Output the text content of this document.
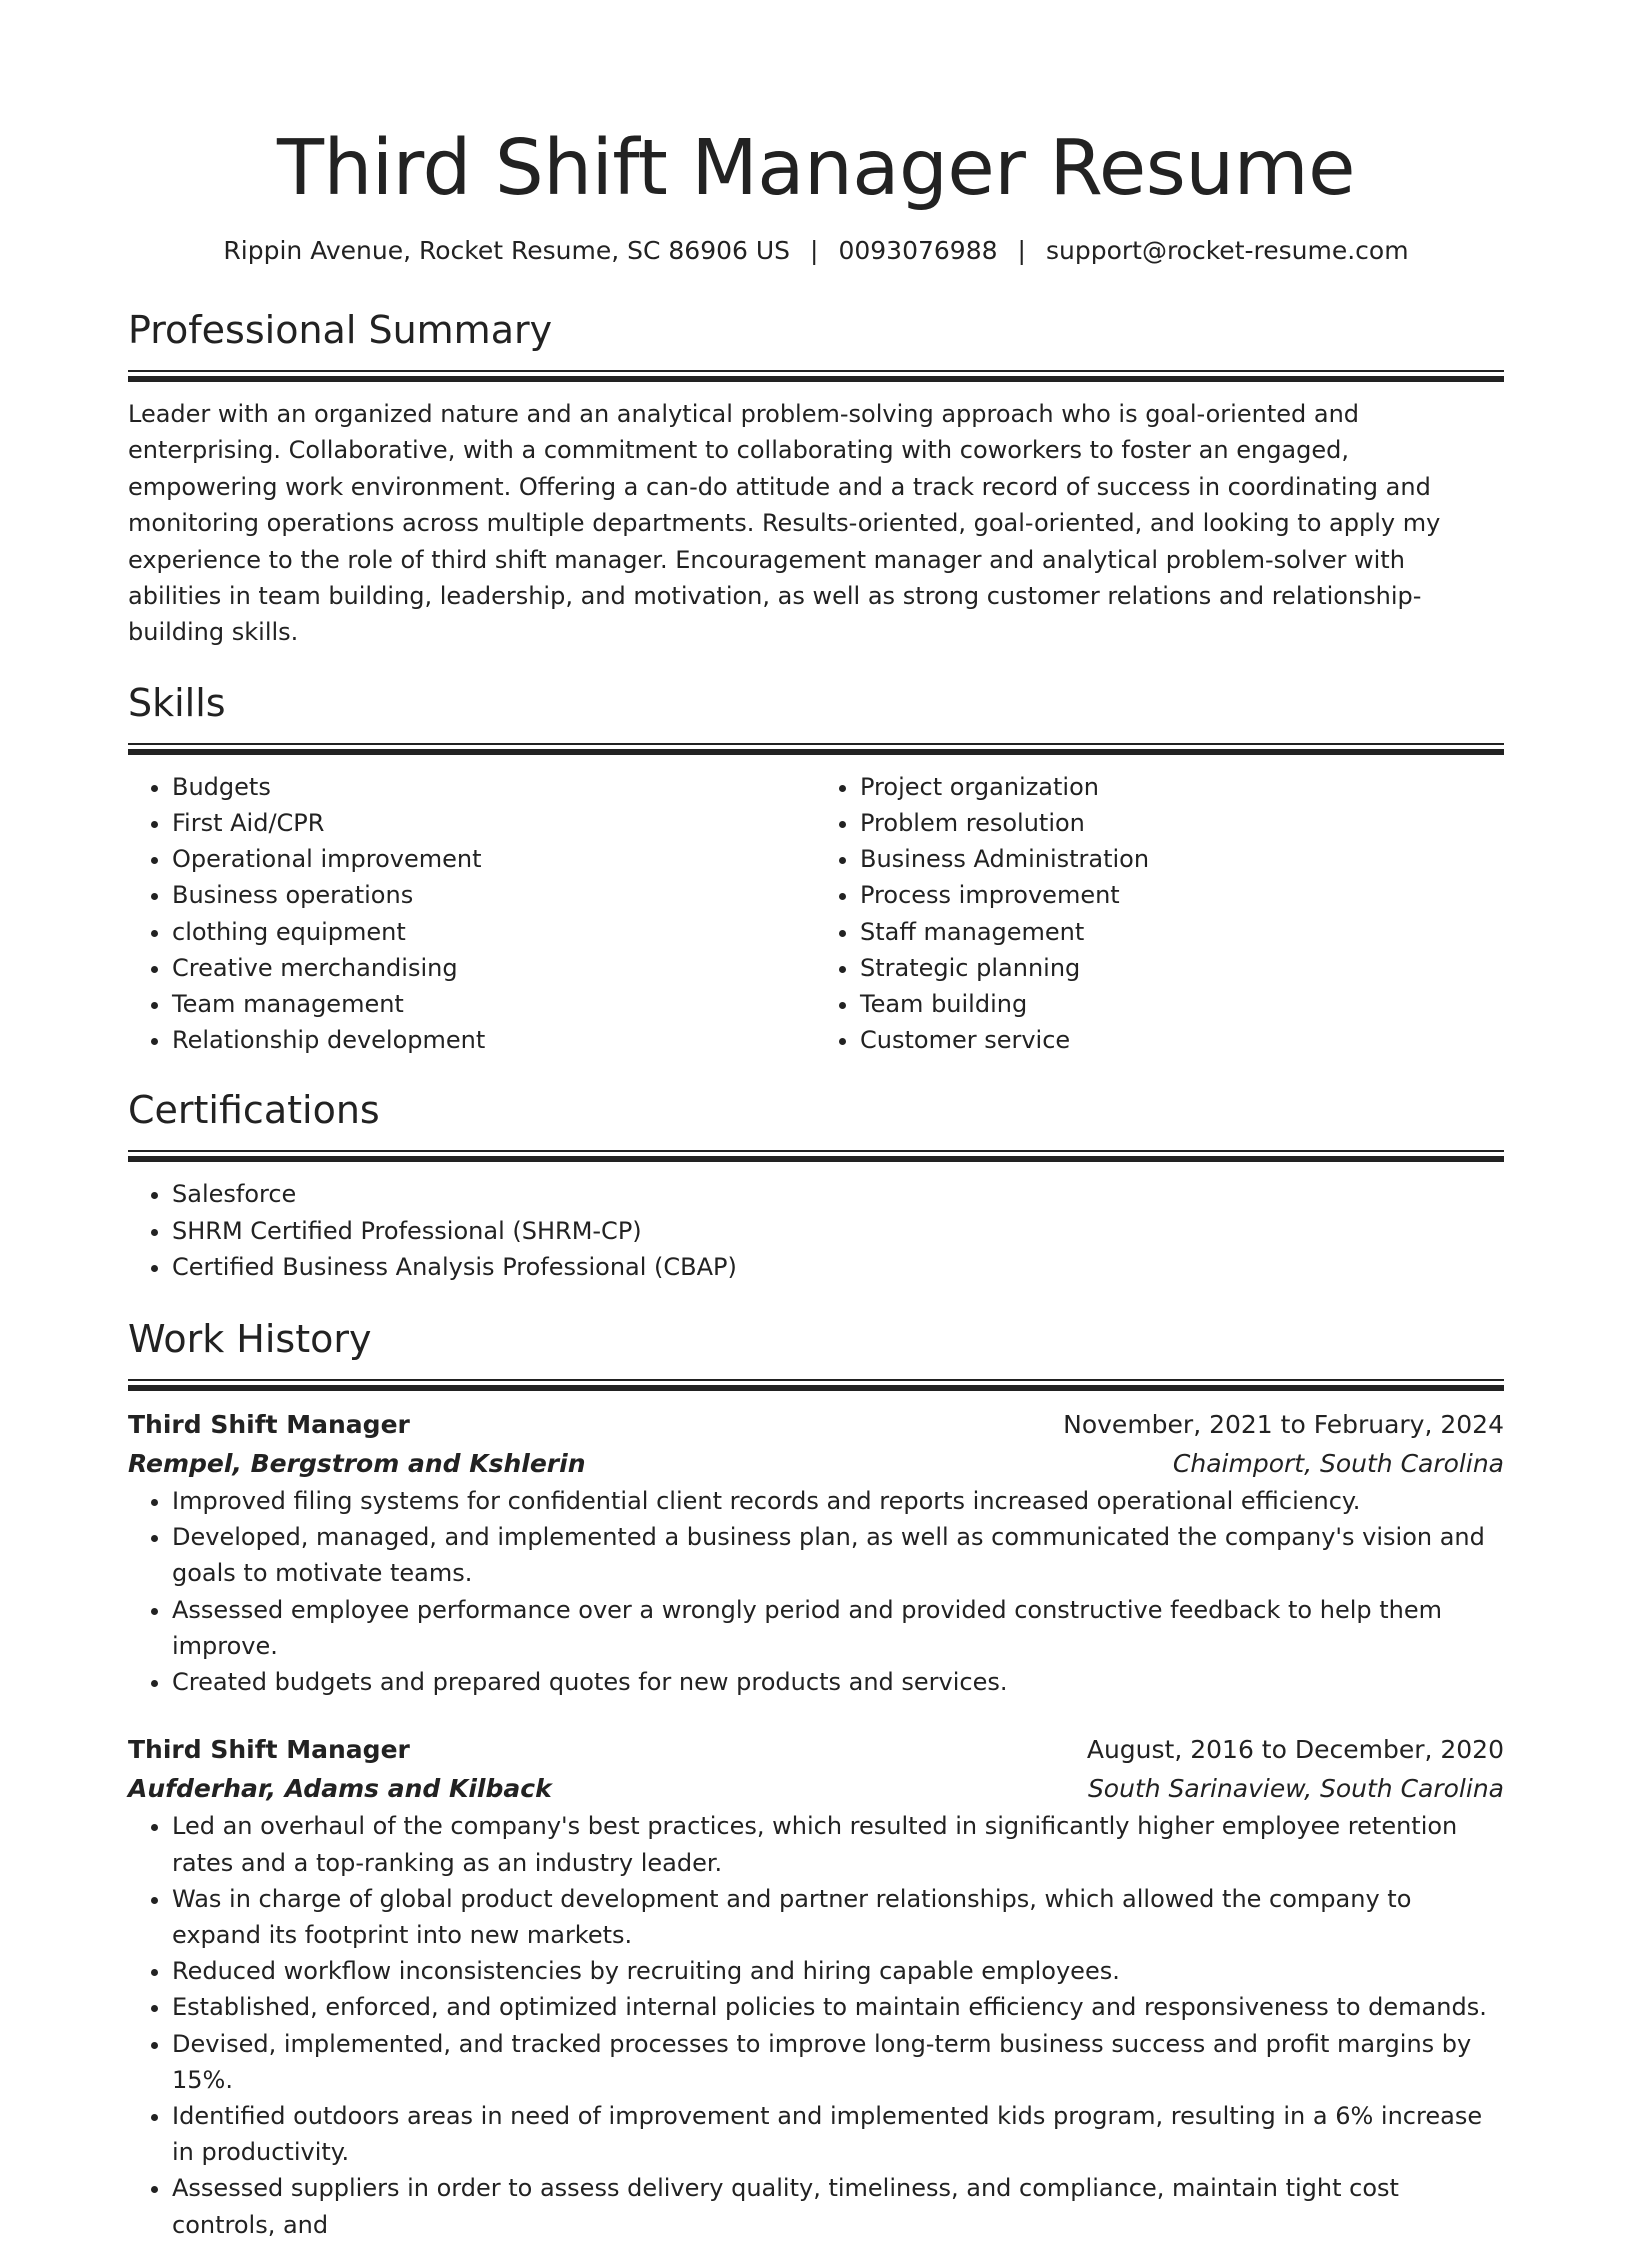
Third Shift Manager Resume
Rippin Avenue, Rocket Resume, SC 86906 US | 0093076988 | support@rocket-resume.com
Professional Summary

Leader with an organized nature and an analytical problem-solving approach who is goal-oriented and enterprising. Collaborative, with a commitment to collaborating with coworkers to foster an engaged, empowering work environment. Offering a can-do attitude and a track record of success in coordinating and monitoring operations across multiple departments. Results-oriented, goal-oriented, and looking to apply my experience to the role of third shift manager. Encouragement manager and analytical problem-solver with abilities in team building, leadership, and motivation, as well as strong customer relations and relationship-building skills.

Skills
• Budgets
• First Aid/CPR
• Operational improvement
• Business operations
• clothing equipment
• Creative merchandising
• Team management
• Relationship development
• Project organization
• Problem resolution
• Business Administration
• Process improvement
• Staff management
• Strategic planning
• Team building
• Customer service
Certifications
• Salesforce
• SHRM Certified Professional (SHRM-CP)
• Certified Business Analysis Professional (CBAP)
Work History
Third Shift Manager	November, 2021 to February, 2024
Rempel, Bergstrom and Kshlerin	Chaimport, South Carolina
• Improved filing systems for confidential client records and reports increased operational efficiency.
• Developed, managed, and implemented a business plan, as well as communicated the company's vision and goals to motivate teams.
• Assessed employee performance over a wrongly period and provided constructive feedback to help them improve.
• Created budgets and prepared quotes for new products and services.
Third Shift Manager	August, 2016 to December, 2020
Aufderhar, Adams and Kilback	South Sarinaview, South Carolina
• Led an overhaul of the company's best practices, which resulted in significantly higher employee retention rates and a top-ranking as an industry leader.
• Was in charge of global product development and partner relationships, which allowed the company to expand its footprint into new markets.
• Reduced workflow inconsistencies by recruiting and hiring capable employees.
• Established, enforced, and optimized internal policies to maintain efficiency and responsiveness to demands.
• Devised, implemented, and tracked processes to improve long-term business success and profit margins by 15%.
• Identified outdoors areas in need of improvement and implemented kids program, resulting in a 6% increase in productivity.
• Assessed suppliers in order to assess delivery quality, timeliness, and compliance, maintain tight cost controls, and
